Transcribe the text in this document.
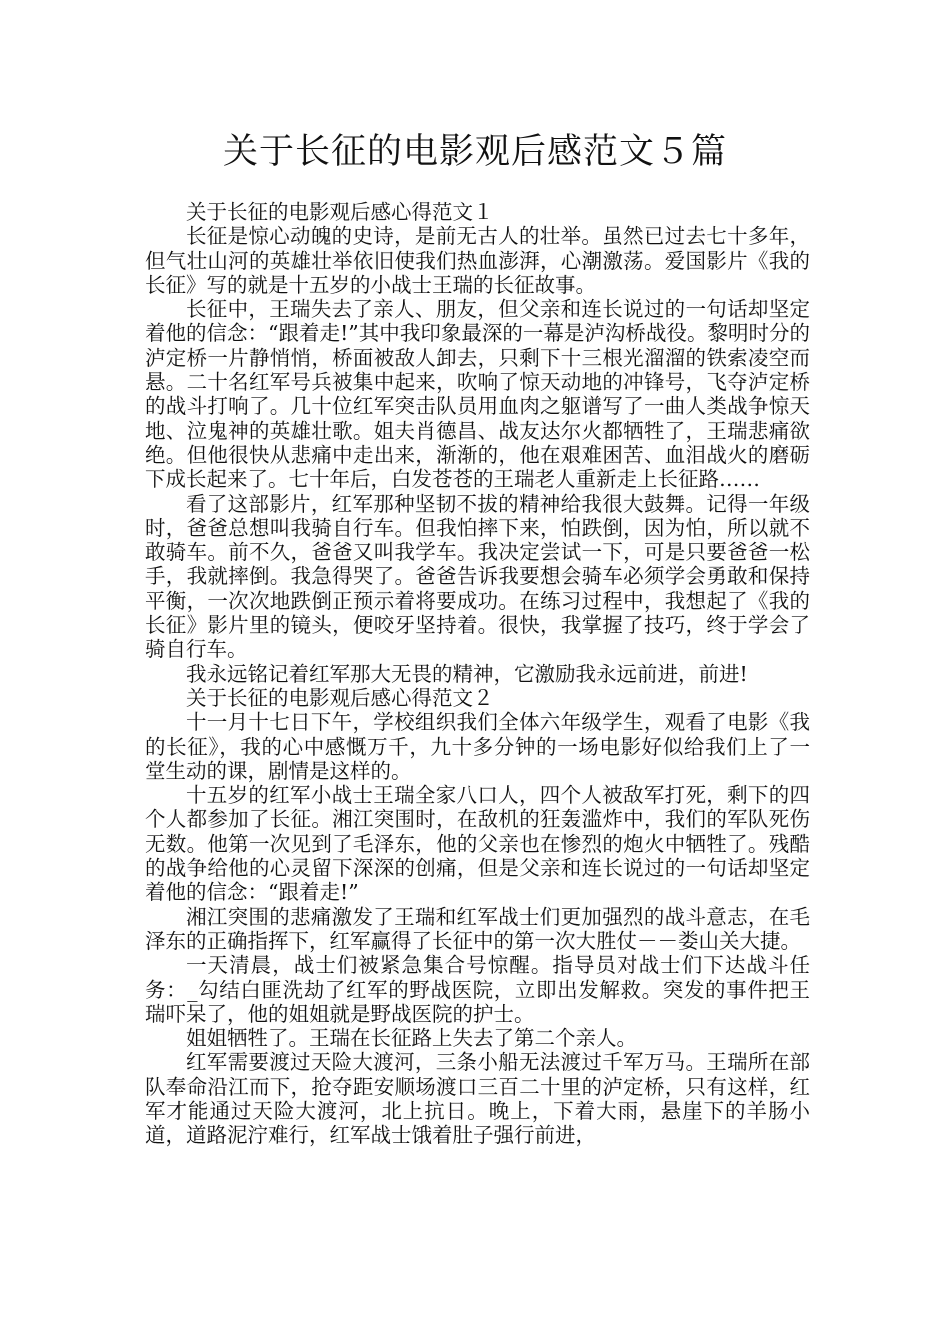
关于长征的电影观后感范文５篇

关于长征的电影观后感心得范文１

长征是惊心动魄的史诗，是前无古人的壮举。虽然已过去七十多年，但气壮山河的英雄壮举依旧使我们热血澎湃，心潮激荡。爱国影片《我的长征》写的就是十五岁的小战士王瑞的长征故事。

长征中，王瑞失去了亲人、朋友，但父亲和连长说过的一句话却坚定着他的信念：“跟着走!”其中我印象最深的一幕是泸沟桥战役。黎明时分的泸定桥一片静悄悄，桥面被敌人卸去，只剩下十三根光溜溜的铁索凌空而悬。二十名红军号兵被集中起来，吹响了惊天动地的冲锋号，飞夺泸定桥的战斗打响了。几十位红军突击队员用血肉之躯谱写了一曲人类战争惊天地、泣鬼神的英雄壮歌。姐夫肖德昌、战友达尔火都牺牲了，王瑞悲痛欲绝。但他很快从悲痛中走出来，渐渐的，他在艰难困苦、血泪战火的磨砺下成长起来了。七十年后，白发苍苍的王瑞老人重新走上长征路……

看了这部影片，红军那种坚韧不拔的精神给我很大鼓舞。记得一年级时，爸爸总想叫我骑自行车。但我怕摔下来，怕跌倒，因为怕，所以就不敢骑车。前不久，爸爸又叫我学车。我决定尝试一下，可是只要爸爸一松手，我就摔倒。我急得哭了。爸爸告诉我要想会骑车必须学会勇敢和保持平衡，一次次地跌倒正预示着将要成功。在练习过程中，我想起了《我的长征》影片里的镜头，便咬牙坚持着。很快，我掌握了技巧，终于学会了骑自行车。

我永远铭记着红军那大无畏的精神，它激励我永远前进，前进!

关于长征的电影观后感心得范文２

十一月十七日下午，学校组织我们全体六年级学生，观看了电影《我的长征》，我的心中感慨万千，九十多分钟的一场电影好似给我们上了一堂生动的课，剧情是这样的。

十五岁的红军小战士王瑞全家八口人，四个人被敌军打死，剩下的四个人都参加了长征。湘江突围时，在敌机的狂轰滥炸中，我们的军队死伤无数。他第一次见到了毛泽东，他的父亲也在惨烈的炮火中牺牲了。残酷的战争给他的心灵留下深深的创痛，但是父亲和连长说过的一句话却坚定着他的信念：“跟着走!”

湘江突围的悲痛激发了王瑞和红军战士们更加强烈的战斗意志，在毛泽东的正确指挥下，红军赢得了长征中的第一次大胜仗－－娄山关大捷。

一天清晨，战士们被紧急集合号惊醒。指导员对战士们下达战斗任务：_勾结白匪洗劫了红军的野战医院，立即出发解救。突发的事件把王瑞吓呆了，他的姐姐就是野战医院的护士。

姐姐牺牲了。王瑞在长征路上失去了第二个亲人。

红军需要渡过天险大渡河，三条小船无法渡过千军万马。王瑞所在部队奉命沿江而下，抢夺距安顺场渡口三百二十里的泸定桥，只有这样，红军才能通过天险大渡河，北上抗日。晚上，下着大雨，悬崖下的羊肠小道，道路泥泞难行，红军战士饿着肚子强行前进，
